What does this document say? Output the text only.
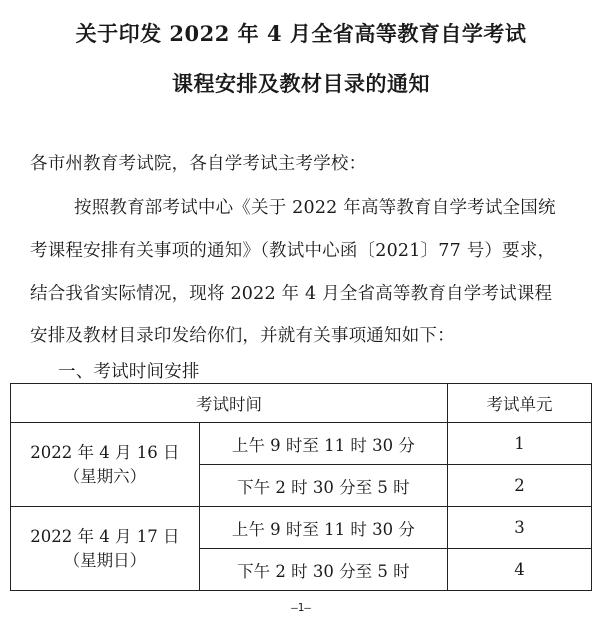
关于印发 2022 年 4 月全省高等教育自学考试
课程安排及教材目录的通知
各市州教育考试院，各自学考试主考学校：
按照教育部考试中心《关于 2022 年高等教育自学考试全国统
考课程安排有关事项的通知》（教试中心函〔2021〕77 号）要求，
结合我省实际情况，现将 2022 年 4 月全省高等教育自学考试课程
安排及教材目录印发给你们，并就有关事项通知如下：
一、考试时间安排
考试时间		考试单元

2022 年 4 月 16 日
（星期六）	上午 9 时至 11 时 30 分	1
	下午 2 时 30 分至 5 时	2

2022 年 4 月 17 日
（星期日）	上午 9 时至 11 时 30 分	3
	下午 2 时 30 分至 5 时	4
—1—
